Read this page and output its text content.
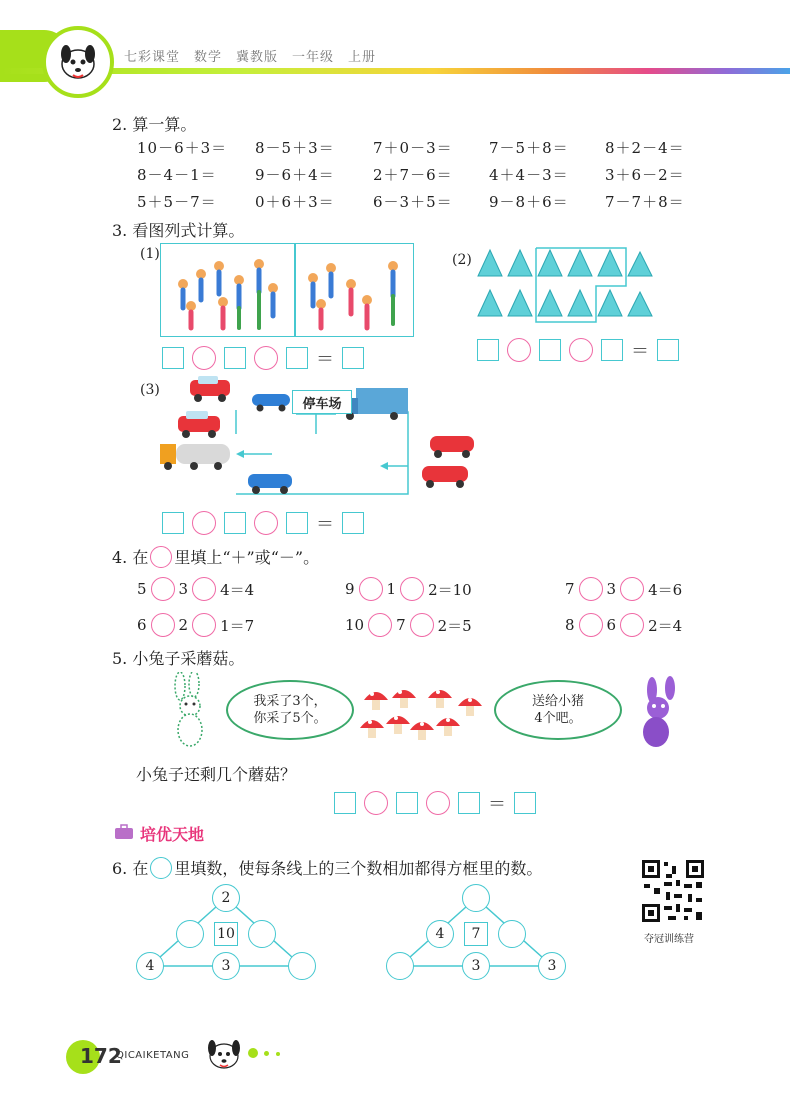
七彩课堂　数学　冀教版　一年级　上册
2. 算一算。
10－6＋3＝	8－5＋3＝	7＋0－3＝	7－5＋8＝	8＋2－4＝
8－4－1＝	9－6＋4＝	2＋7－6＝	4＋4－3＝	3＋6－2＝
5＋5－7＝	0＋6＋3＝	6－3＋5＝	9－8＋6＝	7－7＋8＝
3. 看图列式计算。
(1)
＝
(2)
＝
(3)
停车场
＝
4. 在 里填上“＋”或“－”。
5 3 4＝4	9 1 2＝10	7 3 4＝6
6 2 1＝7	10 7 2＝5	8 6 2＝4
5. 小兔子采蘑菇。
我采了3个，
你采了5个。
送给小猪
4个吧。
小兔子还剩几个蘑菇？
＝
培优天地
6. 在 里填数，使每条线上的三个数相加都得方框里的数。
夺冠训练营
2
10
4	3
4	7
3	3
172
QICAIKETANG
